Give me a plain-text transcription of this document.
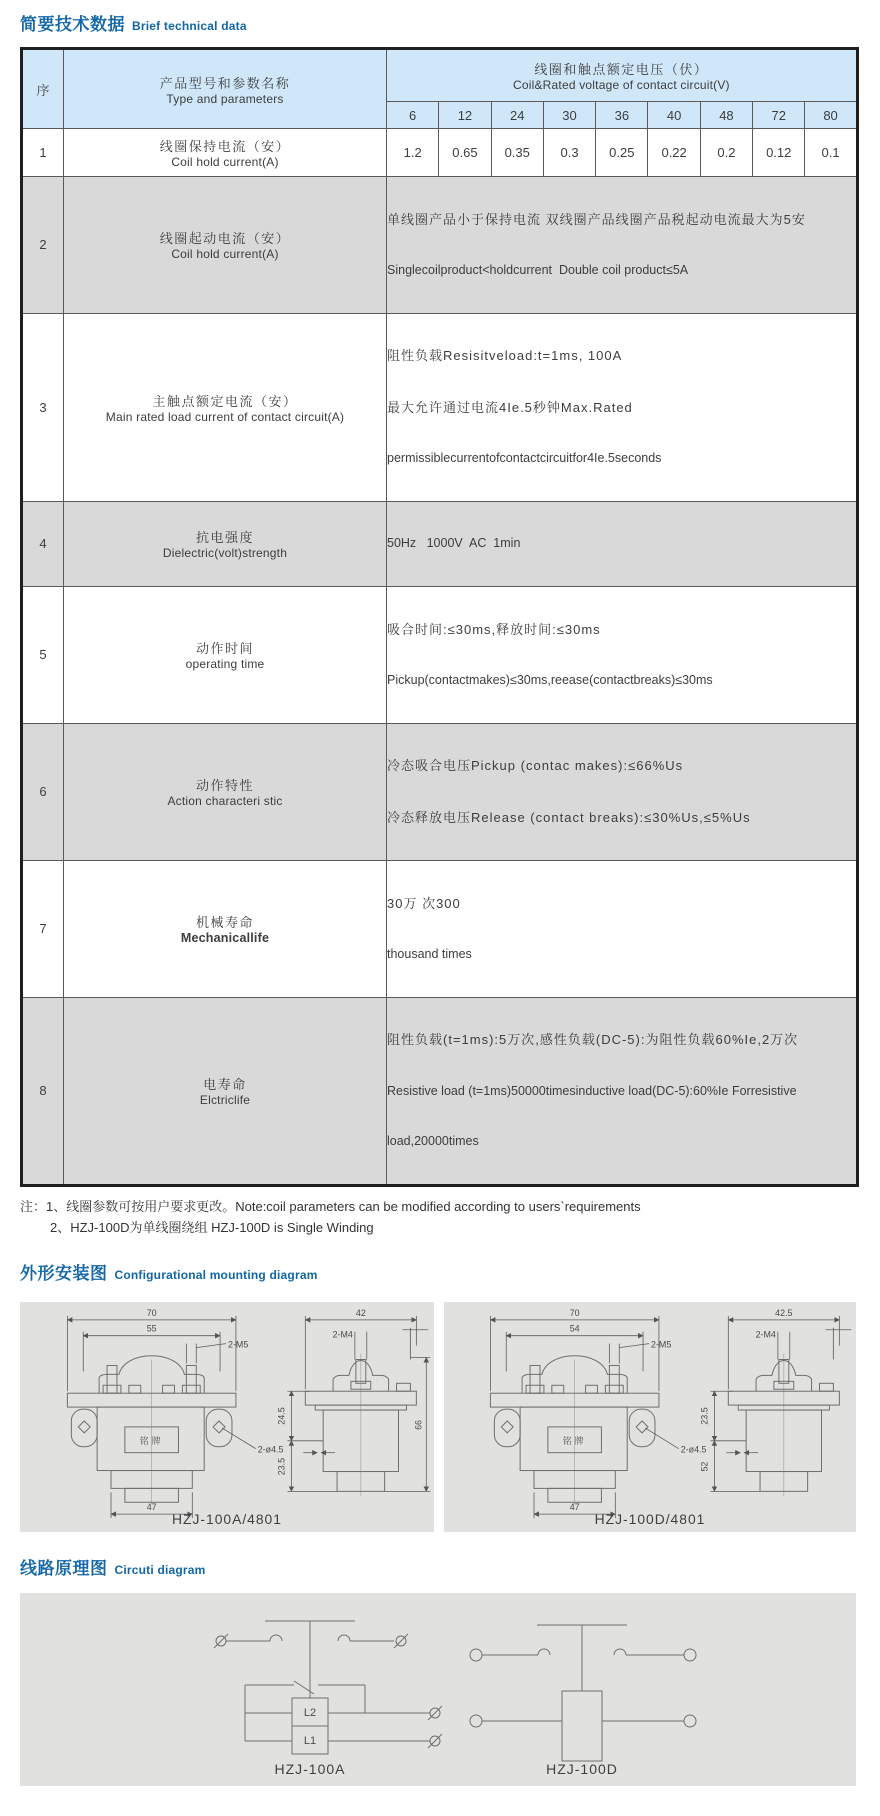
简要技术数据 Brief technical data
序	产品型号和参数名称
Type and parameters

线圈和触点额定电压（伏）
Coil&Rated voltage of contact circuit(V)

		6	12	24	30	36	40	48	72	80
1	线圈保持电流（安）
Coil hold current(A)	1.2	0.65	0.35	0.3	0.25	0.22	0.2	0.12	0.1
2	线圈起动电流（安）
Coil hold current(A)

单线圈产品小于保持电流 双线圈产品线圈产品税起动电流最大为5安

Singlecoilproduct<holdcurrent  Double coil product≤5A

3	主触点额定电流（安）
Main rated load current of contact circuit(A)

阻性负载Resisitveload:t=1ms, 100A

最大允许通过电流4Ie.5秒钟Max.Rated

permissiblecurrentofcontactcircuitfor4Ie.5seconds

4	抗电强度
Dielectric(volt)strength	50Hz   1000V  AC  1min								

5	动作时间
operating time

吸合时间:≤30ms,释放时间:≤30ms

Pickup(contactmakes)≤30ms,reease(contactbreaks)≤30ms

6	动作特性
Action characteri stic

冷态吸合电压Pickup (contac makes):≤66%Us

冷态释放电压Release (contact breaks):≤30%Us,≤5%Us

7	机械寿命
Mechanicallife

30万 次300

thousand times

8	电寿命
Elctriclife

阻性负载(t=1ms):5万次,感性负载(DC-5):为阻性负载60%Ie,2万次

Resistive load (t=1ms)50000timesinductive load(DC-5):60%Ie Forresistive

load,20000times

注：1、线圈参数可按用户要求更改。Note:coil parameters can be modified according to users`requirements
2、HZJ-100D为单线圈绕组 HZJ-100D is Single Winding
外形安装图 Configurational mounting diagram
70
55
2-M5
铭牌
2-ø4.5
47
42
2-M4
24.5
23.5
66
HZJ-100A/4801
70
54
2-M5
铭牌
2-ø4.5
47
42.5
2-M4
23.5
52
HZJ-100D/4801
线路原理图 Circuti diagram
L2
L1
HZJ-100A	HZJ-100D
